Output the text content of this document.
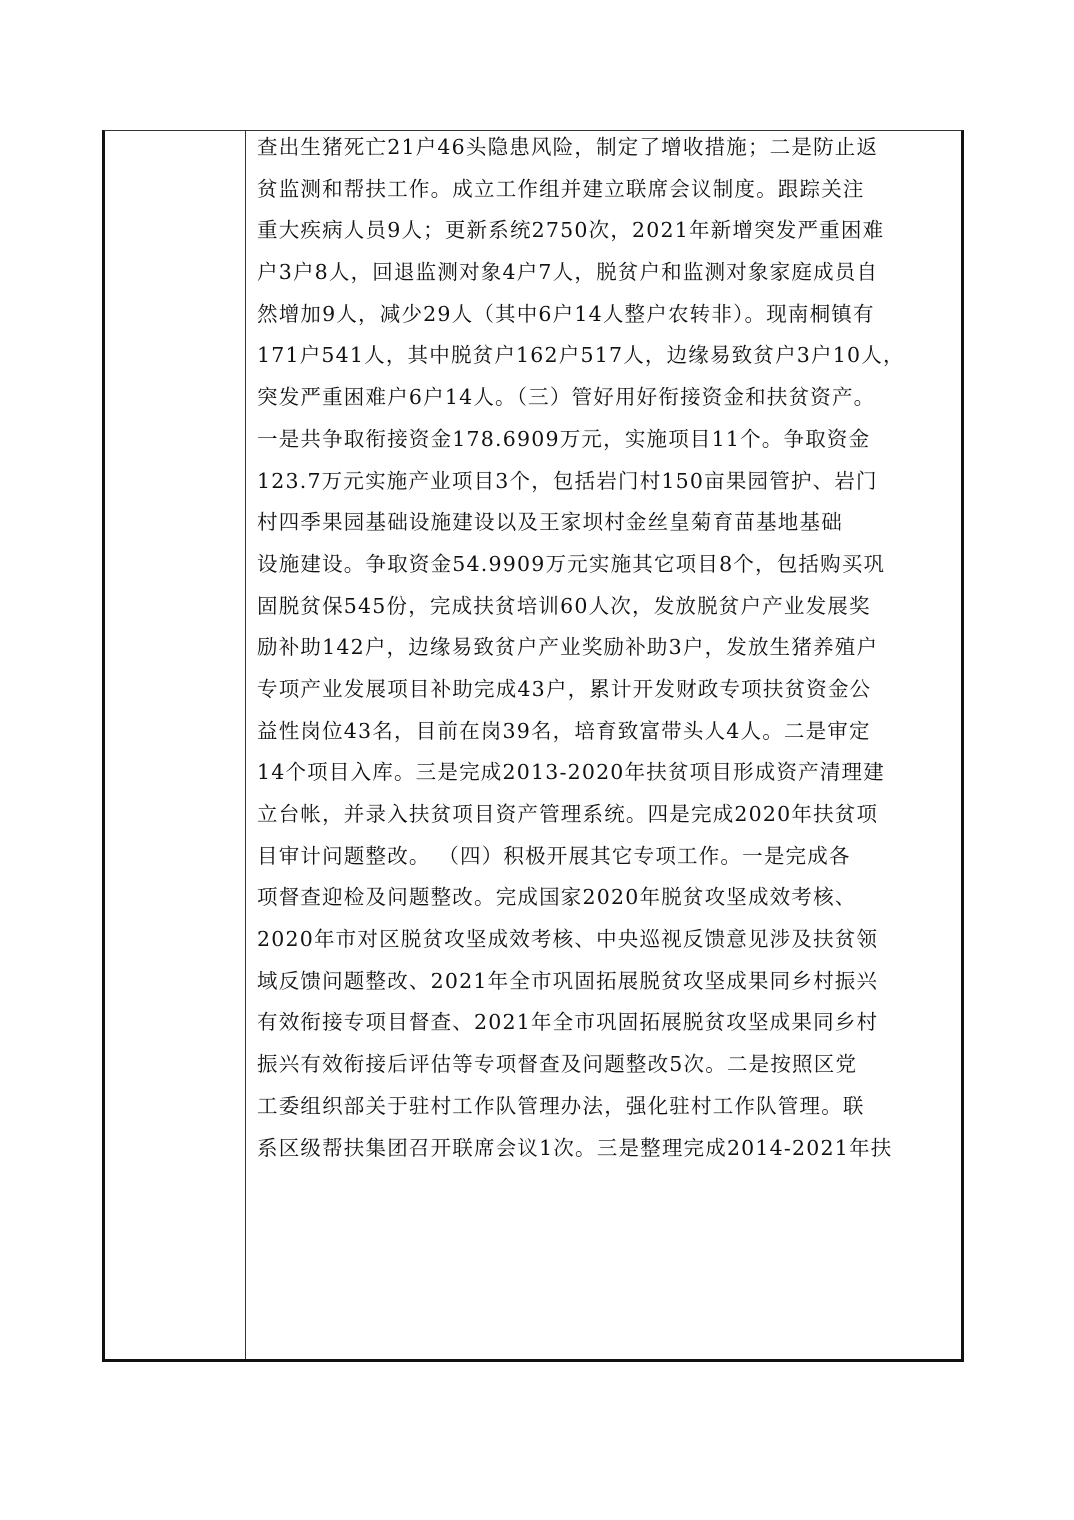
查出生猪死亡21户46头隐患风险，制定了增收措施；二是防止返
贫监测和帮扶工作。成立工作组并建立联席会议制度。跟踪关注
重大疾病人员9人；更新系统2750次，2021年新增突发严重困难
户3户8人，回退监测对象4户7人，脱贫户和监测对象家庭成员自
然增加9人，减少29人（其中6户14人整户农转非）。现南桐镇有
171户541人，其中脱贫户162户517人，边缘易致贫户3户10人，
突发严重困难户6户14人。（三）管好用好衔接资金和扶贫资产。
一是共争取衔接资金178.6909万元，实施项目11个。争取资金
123.7万元实施产业项目3个，包括岩门村150亩果园管护、岩门
村四季果园基础设施建设以及王家坝村金丝皇菊育苗基地基础
设施建设。争取资金54.9909万元实施其它项目8个，包括购买巩
固脱贫保545份，完成扶贫培训60人次，发放脱贫户产业发展奖
励补助142户，边缘易致贫户产业奖励补助3户，发放生猪养殖户
专项产业发展项目补助完成43户，累计开发财政专项扶贫资金公
益性岗位43名，目前在岗39名，培育致富带头人4人。二是审定
14个项目入库。三是完成2013-2020年扶贫项目形成资产清理建
立台帐，并录入扶贫项目资产管理系统。四是完成2020年扶贫项
目审计问题整改。 （四）积极开展其它专项工作。一是完成各
项督查迎检及问题整改。完成国家2020年脱贫攻坚成效考核、
2020年市对区脱贫攻坚成效考核、中央巡视反馈意见涉及扶贫领
域反馈问题整改、2021年全市巩固拓展脱贫攻坚成果同乡村振兴
有效衔接专项目督查、2021年全市巩固拓展脱贫攻坚成果同乡村
振兴有效衔接后评估等专项督查及问题整改5次。二是按照区党
工委组织部关于驻村工作队管理办法，强化驻村工作队管理。联
系区级帮扶集团召开联席会议1次。三是整理完成2014-2021年扶
